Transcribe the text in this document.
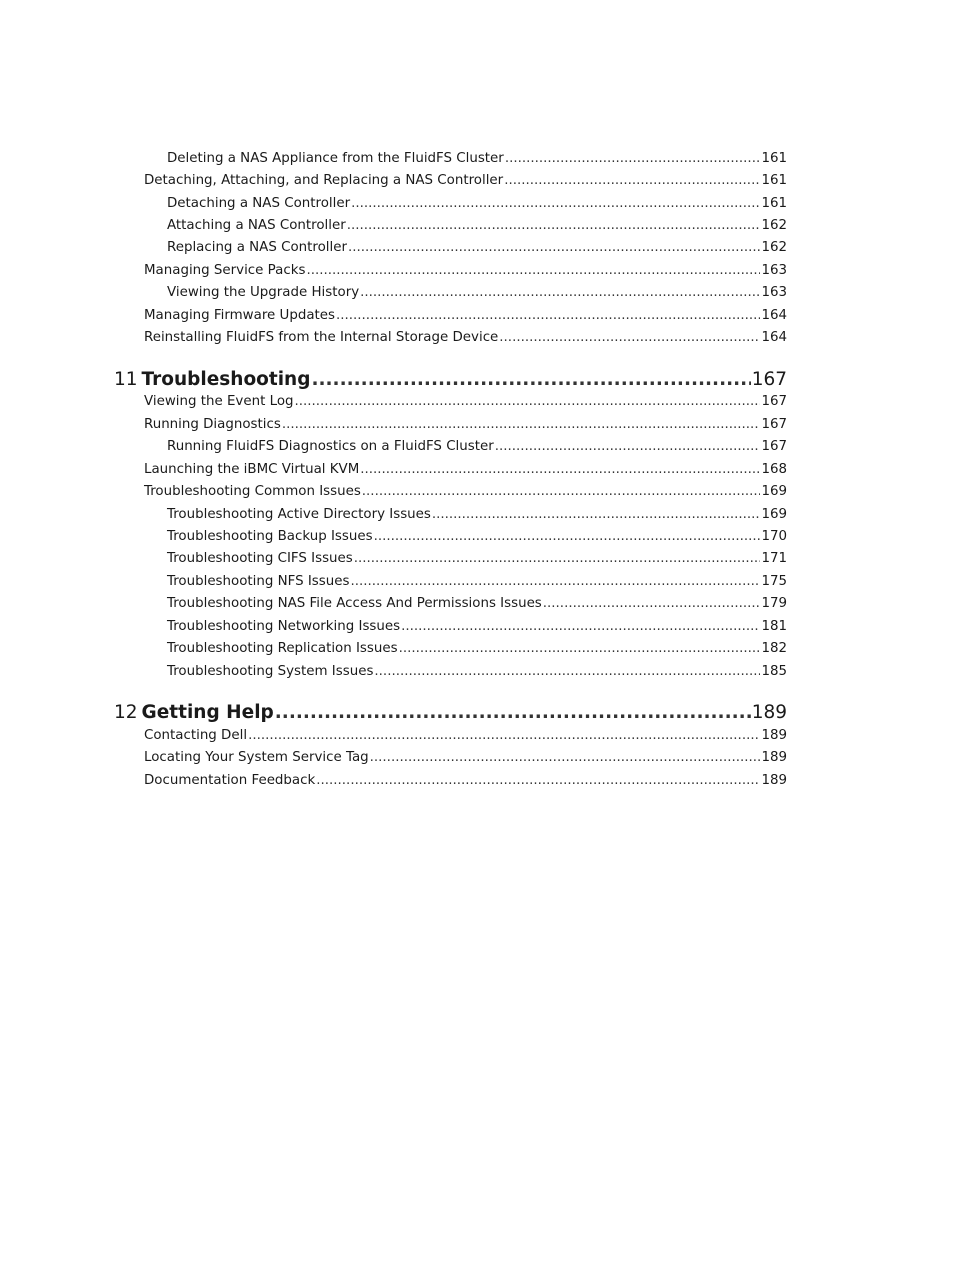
Deleting a NAS Appliance from the FluidFS Cluster .....	161
Detaching, Attaching, and Replacing a NAS Controller .....	161
Detaching a NAS Controller .....	161
Attaching a NAS Controller .....	162
Replacing a NAS Controller .....	162
Managing Service Packs .....	163
Viewing the Upgrade History .....	163
Managing Firmware Updates .....	164
Reinstalling FluidFS from the Internal Storage Device .....	164
11 Troubleshooting .....	167
Viewing the Event Log .....	167
Running Diagnostics .....	167
Running FluidFS Diagnostics on a FluidFS Cluster .....	167
Launching the iBMC Virtual KVM .....	168
Troubleshooting Common Issues .....	169
Troubleshooting Active Directory Issues .....	169
Troubleshooting Backup Issues .....	170
Troubleshooting CIFS Issues .....	171
Troubleshooting NFS Issues .....	175
Troubleshooting NAS File Access And Permissions Issues .....	179
Troubleshooting Networking Issues .....	181
Troubleshooting Replication Issues .....	182
Troubleshooting System Issues .....	185
12 Getting Help .....	189
Contacting Dell .....	189
Locating Your System Service Tag .....	189
Documentation Feedback .....	189
